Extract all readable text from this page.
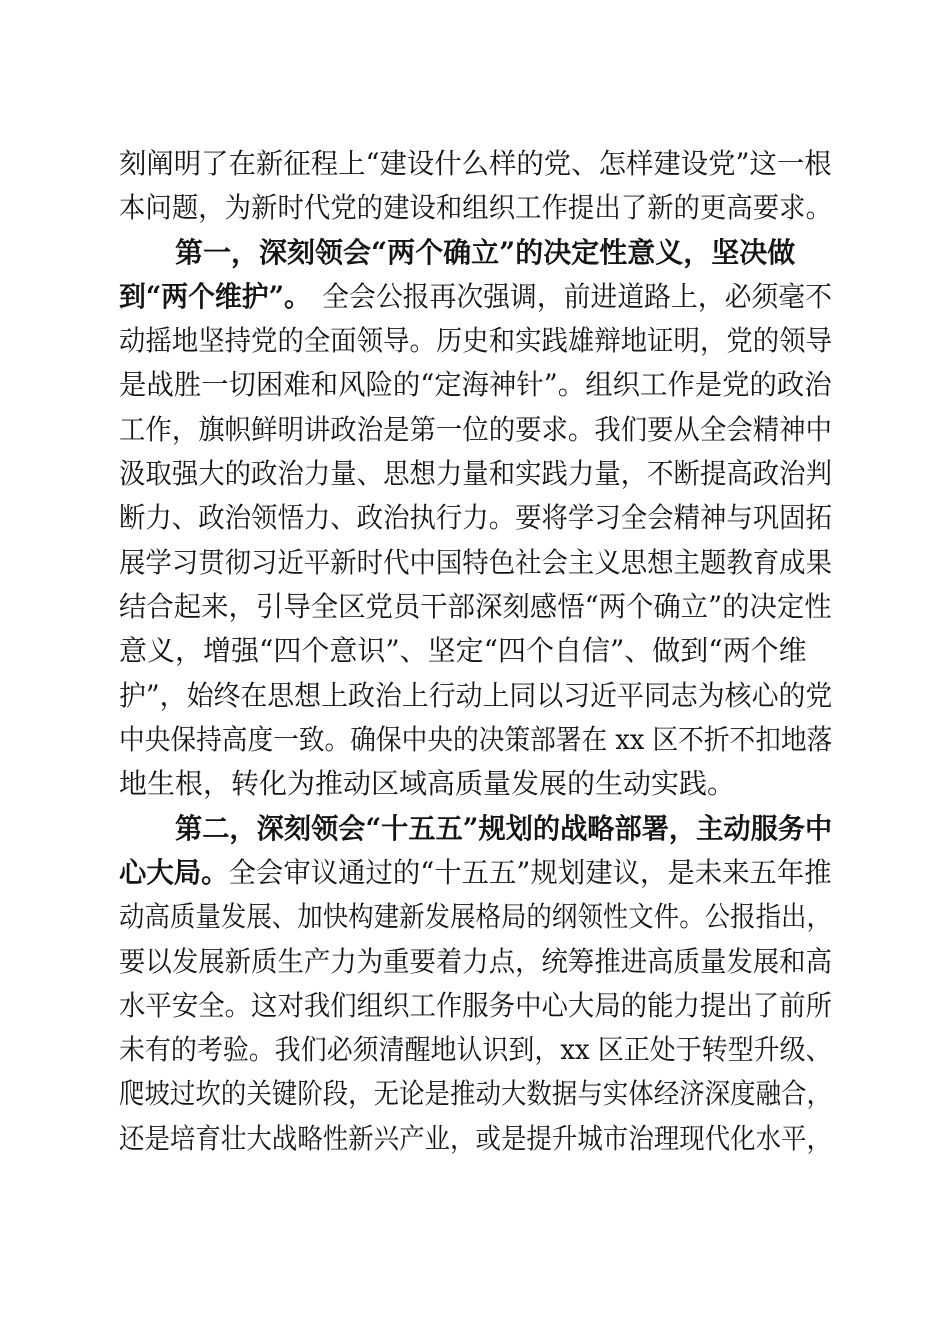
刻阐明了在新征程上“建设什么样的党、怎样建设党”这一根
本问题，为新时代党的建设和组织工作提出了新的更高要求。
第一，深刻领会“两个确立”的决定性意义，坚决做
到“两个维护”。 全会公报再次强调，前进道路上，必须毫不
动摇地坚持党的全面领导。历史和实践雄辩地证明，党的领导
是战胜一切困难和风险的“定海神针”。组织工作是党的政治
工作，旗帜鲜明讲政治是第一位的要求。我们要从全会精神中
汲取强大的政治力量、思想力量和实践力量，不断提高政治判
断力、政治领悟力、政治执行力。要将学习全会精神与巩固拓
展学习贯彻习近平新时代中国特色社会主义思想主题教育成果
结合起来，引导全区党员干部深刻感悟“两个确立”的决定性
意义，增强“四个意识”、坚定“四个自信”、做到“两个维
护”，始终在思想上政治上行动上同以习近平同志为核心的党
中央保持高度一致。确保中央的决策部署在 xx 区不折不扣地落
地生根，转化为推动区域高质量发展的生动实践。
第二，深刻领会“十五五”规划的战略部署，主动服务中
心大局。 全会审议通过的“十五五”规划建议，是未来五年推
动高质量发展、加快构建新发展格局的纲领性文件。公报指出，
要以发展新质生产力为重要着力点，统筹推进高质量发展和高
水平安全。这对我们组织工作服务中心大局的能力提出了前所
未有的考验。我们必须清醒地认识到，xx 区正处于转型升级、
爬坡过坎的关键阶段，无论是推动大数据与实体经济深度融合，
还是培育壮大战略性新兴产业，或是提升城市治理现代化水平，
